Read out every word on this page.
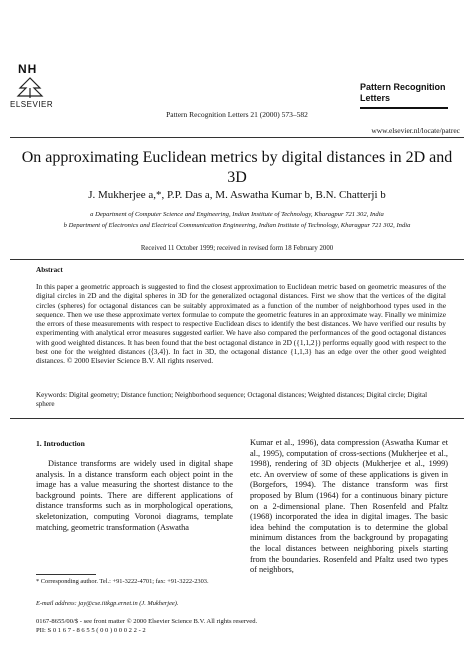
NH
ELSEVIER
Pattern Recognition Letters 21 (2000) 573–582
Pattern Recognition
Letters
www.elsevier.nl/locate/patrec
On approximating Euclidean metrics by digital distances in 2D and 3D
J. Mukherjee a,*, P.P. Das a, M. Aswatha Kumar b, B.N. Chatterji b
a Department of Computer Science and Engineering, Indian Institute of Technology, Kharagpur 721 302, India
b Department of Electronics and Electrical Communication Engineering, Indian Institute of Technology, Kharagpur 721 302, India
Received 11 October 1999; received in revised form 18 February 2000
Abstract
In this paper a geometric approach is suggested to find the closest approximation to Euclidean metric based on geometric measures of the digital circles in 2D and the digital spheres in 3D for the generalized octagonal distances. First we show that the vertices of the digital circles (spheres) for octagonal distances can be suitably approximated as a function of the number of neighborhood types used in the sequence. Then we use these approximate vertex formulae to compute the geometric features in an approximate way. Finally we minimize the errors of these measurements with respect to respective Euclidean discs to identify the best distances. We have verified our results by experimenting with analytical error measures suggested earlier. We have also compared the performances of the good octagonal distances with good weighted distances. It has been found that the best octagonal distance in 2D ({1,1,2}) performs equally good with respect to the best one for the weighted distances (⟨3,4⟩). In fact in 3D, the octagonal distance {1,1,3} has an edge over the other good weighted distances. © 2000 Elsevier Science B.V. All rights reserved.
Keywords: Digital geometry; Distance function; Neighborhood sequence; Octagonal distances; Weighted distances; Digital circle; Digital sphere
1. Introduction
Distance transforms are widely used in digital shape analysis. In a distance transform each object point in the image has a value measuring the shortest distance to the background points. There are different applications of distance transforms such as in morphological operations, skeletonization, computing Voronoi diagrams, template matching, geometric transformation (Aswatha
Kumar et al., 1996), data compression (Aswatha Kumar et al., 1995), computation of cross-sections (Mukherjee et al., 1998), rendering of 3D objects (Mukherjee et al., 1999) etc. An overview of some of these applications is given in (Borgefors, 1994). The distance transform was first proposed by Blum (1964) for a continuous binary picture on a 2-dimensional plane. Then Rosenfeld and Pfaltz (1968) incorporated the idea in digital images. The basic idea behind the computation is to determine the global minimum distances from the background by propagating the local distances between neighboring pixels starting from the boundaries. Rosenfeld and Pfaltz used two types of neighbors,
* Corresponding author. Tel.: +91-3222-4701; fax: +91-3222-2303.
E-mail address: jay@cse.iitkgp.ernet.in (J. Mukherjee).
0167-8655/00/$ - see front matter © 2000 Elsevier Science B.V. All rights reserved.
PII: S 0 1 6 7 - 8 6 5 5 ( 0 0 ) 0 0 0 2 2 - 2
